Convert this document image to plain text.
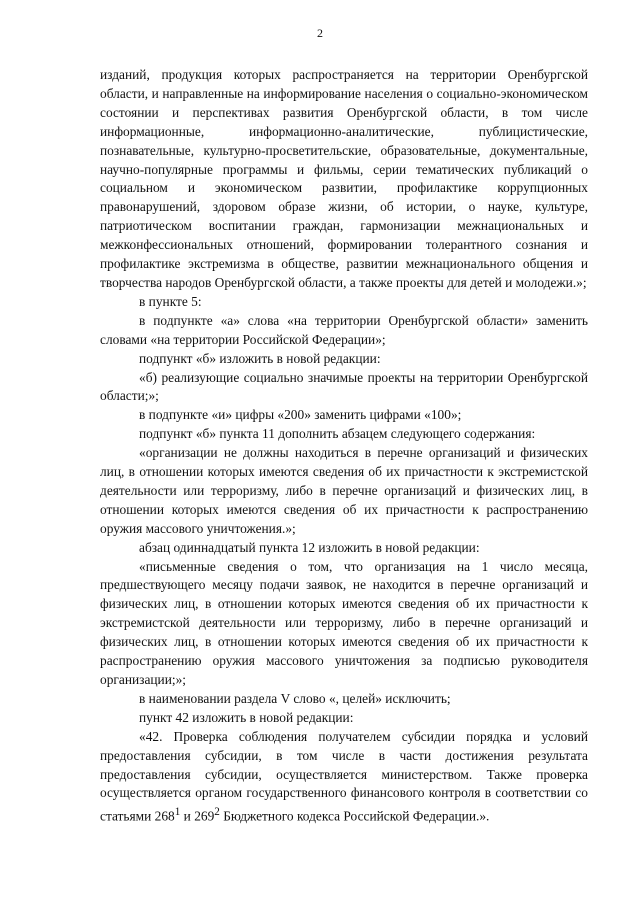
2

изданий, продукция которых распространяется на территории Оренбургской области, и направленные на информирование населения о социально-экономическом состоянии и перспективах развития Оренбургской области, в том числе информационные, информационно-аналитические, публицистические, познавательные, культурно-просветительские, образовательные, документальные, научно-популярные программы и фильмы, серии тематических публикаций о социальном и экономическом развитии, профилактике коррупционных правонарушений, здоровом образе жизни, об истории, о науке, культуре, патриотическом воспитании граждан, гармонизации межнациональных и межконфессиональных отношений, формировании толерантного сознания и профилактике экстремизма в обществе, развитии межнационального общения и творчества народов Оренбургской области, а также проекты для детей и молодежи.»;

в пункте 5:

в подпункте «а» слова «на территории Оренбургской области» заменить словами «на территории Российской Федерации»;

подпункт «б» изложить в новой редакции:

«б) реализующие социально значимые проекты на территории Оренбургской области;»;

в подпункте «и» цифры «200» заменить цифрами «100»;

подпункт «б» пункта 11 дополнить абзацем следующего содержания:

«организации не должны находиться в перечне организаций и физических лиц, в отношении которых имеются сведения об их причастности к экстремистской деятельности или терроризму, либо в перечне организаций и физических лиц, в отношении которых имеются сведения об их причастности к распространению оружия массового уничтожения.»;

абзац одиннадцатый пункта 12 изложить в новой редакции:

«письменные сведения о том, что организация на 1 число месяца, предшествующего месяцу подачи заявок, не находится в перечне организаций и физических лиц, в отношении которых имеются сведения об их причастности к экстремистской деятельности или терроризму, либо в перечне организаций и физических лиц, в отношении которых имеются сведения об их причастности к распространению оружия массового уничтожения за подписью руководителя организации;»;

в наименовании раздела V слово «, целей» исключить;

пункт 42 изложить в новой редакции:

«42. Проверка соблюдения получателем субсидии порядка и условий предоставления субсидии, в том числе в части достижения результата предоставления субсидии, осуществляется министерством. Также проверка осуществляется органом государственного финансового контроля в соответствии со статьями $268^1$ и $269^2$ Бюджетного кодекса Российской Федерации.».
